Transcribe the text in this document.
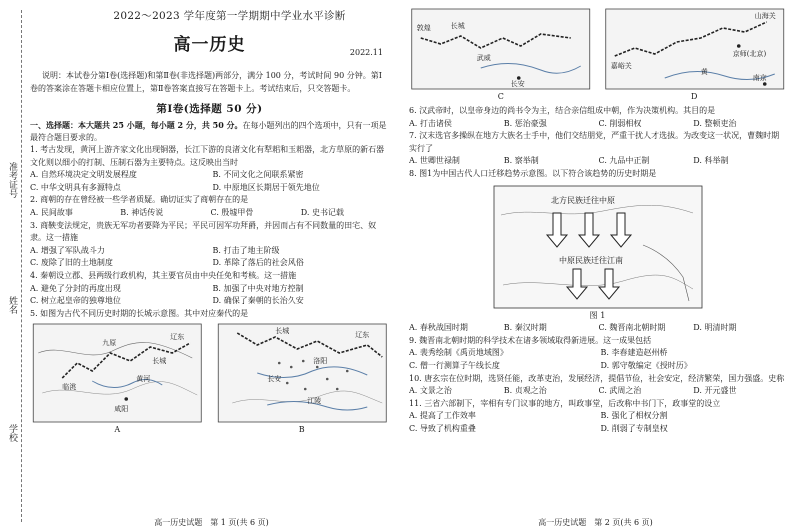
准考证号
姓名
学校
2022～2023 学年度第一学期期中学业水平诊断
高一历史	2022.11
说明：本试卷分第Ⅰ卷(选择题)和第Ⅱ卷(非选择题)两部分，满分 100 分，考试时间 90 分钟。第Ⅰ卷的答案涂在答题卡相应位置上，第Ⅱ卷答案直接写在答题卡上。考试结束后，只交答题卡。
第Ⅰ卷(选择题 50 分)
一、选择题：本大题共 25 小题，每小题 2 分，共 50 分。在每小题列出的四个选项中，只有一项是最符合题目要求的。
1. 考古发现，黄河上游齐家文化出现铜器，长江下游的良渚文化有犁耜和玉耜器，北方草原的新石器文化则以细小的打制、压制石器为主要特点。这反映出当时
A. 自然环境决定文明发展程度	B. 不同文化之间联系紧密
C. 中华文明具有多源特点	D. 中原地区长期居于领先地位
2. 商朝的存在曾经被一些学者质疑。确切证实了商朝存在的是
A. 民间故事	B. 神话传说	C. 殷墟甲骨	D. 史书记载
3. 商鞅变法规定，贵族无军功者要降为平民；平民可因军功拜爵，并因而占有不同数量的田宅、奴隶。这一措施
A. 增强了军队战斗力	B. 打击了地主阶级
C. 废除了旧的土地制度	D. 革除了落后的社会风俗
4. 秦朝设立郡、县两级行政机构，其主要官员由中央任免和考核。这一措施
A. 避免了分封的再度出现	B. 加强了中央对地方控制
C. 树立起皇帝的独尊地位	D. 确保了秦朝的长治久安
5. 如图为古代不同历史时期的长城示意图。其中对应秦代的是
临洮
黄河
九原
咸阳
辽东
长城
A
辽东
长城
洛阳
长安
江陵
B
高一历史试题　第 1 页(共 6 页)
敦煌	长城
武威
长安
C
山海关
京师(北京)
黄
南京
嘉峪关
D
6. 汉武帝时，以皇帝身边的尚书令为主，结合亲信组成中朝，作为决策机构。其目的是
A. 打击诸侯	B. 惩治豪强	C. 削弱相权	D. 整顿吏治
7. 汉末选官多操纵在地方大族名士手中，他们交结朋党，严重干扰人才选拔。为改变这一状况，曹魏时期实行了
A. 世卿世禄制	B. 察举制	C. 九品中正制	D. 科举制
8. 图1为中国古代人口迁移趋势示意图。以下符合该趋势的历史时期是
北方民族迁往中原
中原民族迁往江南
图 1
A. 春秋战国时期	B. 秦汉时期	C. 魏晋南北朝时期	D. 明清时期
9. 魏晋南北朝时期的科学技术在诸多领域取得新进展。这一成果包括
A. 裴秀绘制《禹贡地域图》	B. 李春建造赵州桥
C. 僧一行测算子午线长度	D. 郭守敬编定《授时历》
10. 唐玄宗在位时期，选贤任能，改革吏治，发展经济，提倡节俭，社会安定，经济繁荣，国力强盛。史称
A. 文景之治	B. 贞观之治	C. 武周之治	D. 开元盛世
11. 三省六部制下，宰相有专门议事的地方，叫政事堂，后改称中书门下，政事堂的设立
A. 提高了工作效率	B. 强化了相权分割
C. 导致了机构重叠	D. 削弱了专制皇权
高一历史试题　第 2 页(共 6 页)
